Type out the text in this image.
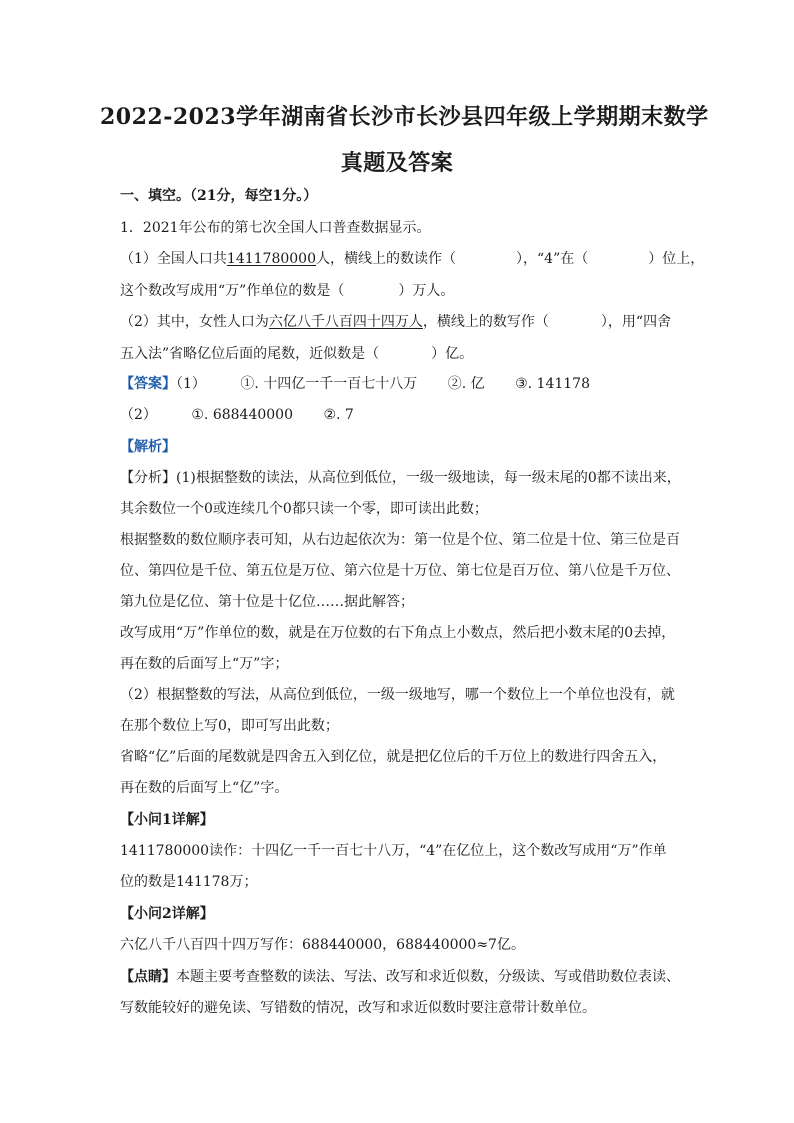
2022-2023学年湖南省长沙市长沙县四年级上学期期末数学
真题及答案
一、填空。（21分，每空1分。）
1．2021年公布的第七次全国人口普查数据显示。
（1）全国人口共1411780000人，横线上的数读作（	），“4”在（	）位上，
这个数改写成用“万”作单位的数是（	）万人。
（2）其中，女性人口为六亿八千八百四十四万人，横线上的数写作（	），用“四舍
五入法”省略亿位后面的尾数，近似数是（	）亿。
【答案】（1） ①. 十四亿一千一百七十八万 ②. 亿 ③. 141178
（2） ①. 688440000 ②. 7
【解析】
【分析】(1)根据整数的读法，从高位到低位，一级一级地读，每一级末尾的0都不读出来，
其余数位一个0或连续几个0都只读一个零，即可读出此数；
根据整数的数位顺序表可知，从右边起依次为：第一位是个位、第二位是十位、第三位是百
位、第四位是千位、第五位是万位、第六位是十万位、第七位是百万位、第八位是千万位、
第九位是亿位、第十位是十亿位……据此解答；
改写成用“万”作单位的数，就是在万位数的右下角点上小数点，然后把小数末尾的0去掉，
再在数的后面写上“万”字；
（2）根据整数的写法，从高位到低位，一级一级地写，哪一个数位上一个单位也没有，就
在那个数位上写0，即可写出此数；
省略“亿”后面的尾数就是四舍五入到亿位，就是把亿位后的千万位上的数进行四舍五入，
再在数的后面写上“亿”字。
【小问1详解】
1411780000读作：十四亿一千一百七十八万，“4”在亿位上，这个数改写成用“万”作单
位的数是141178万；
【小问2详解】
六亿八千八百四十四万写作：688440000，688440000≈7亿。
【点睛】本题主要考查整数的读法、写法、改写和求近似数，分级读、写或借助数位表读、
写数能较好的避免读、写错数的情况，改写和求近似数时要注意带计数单位。
